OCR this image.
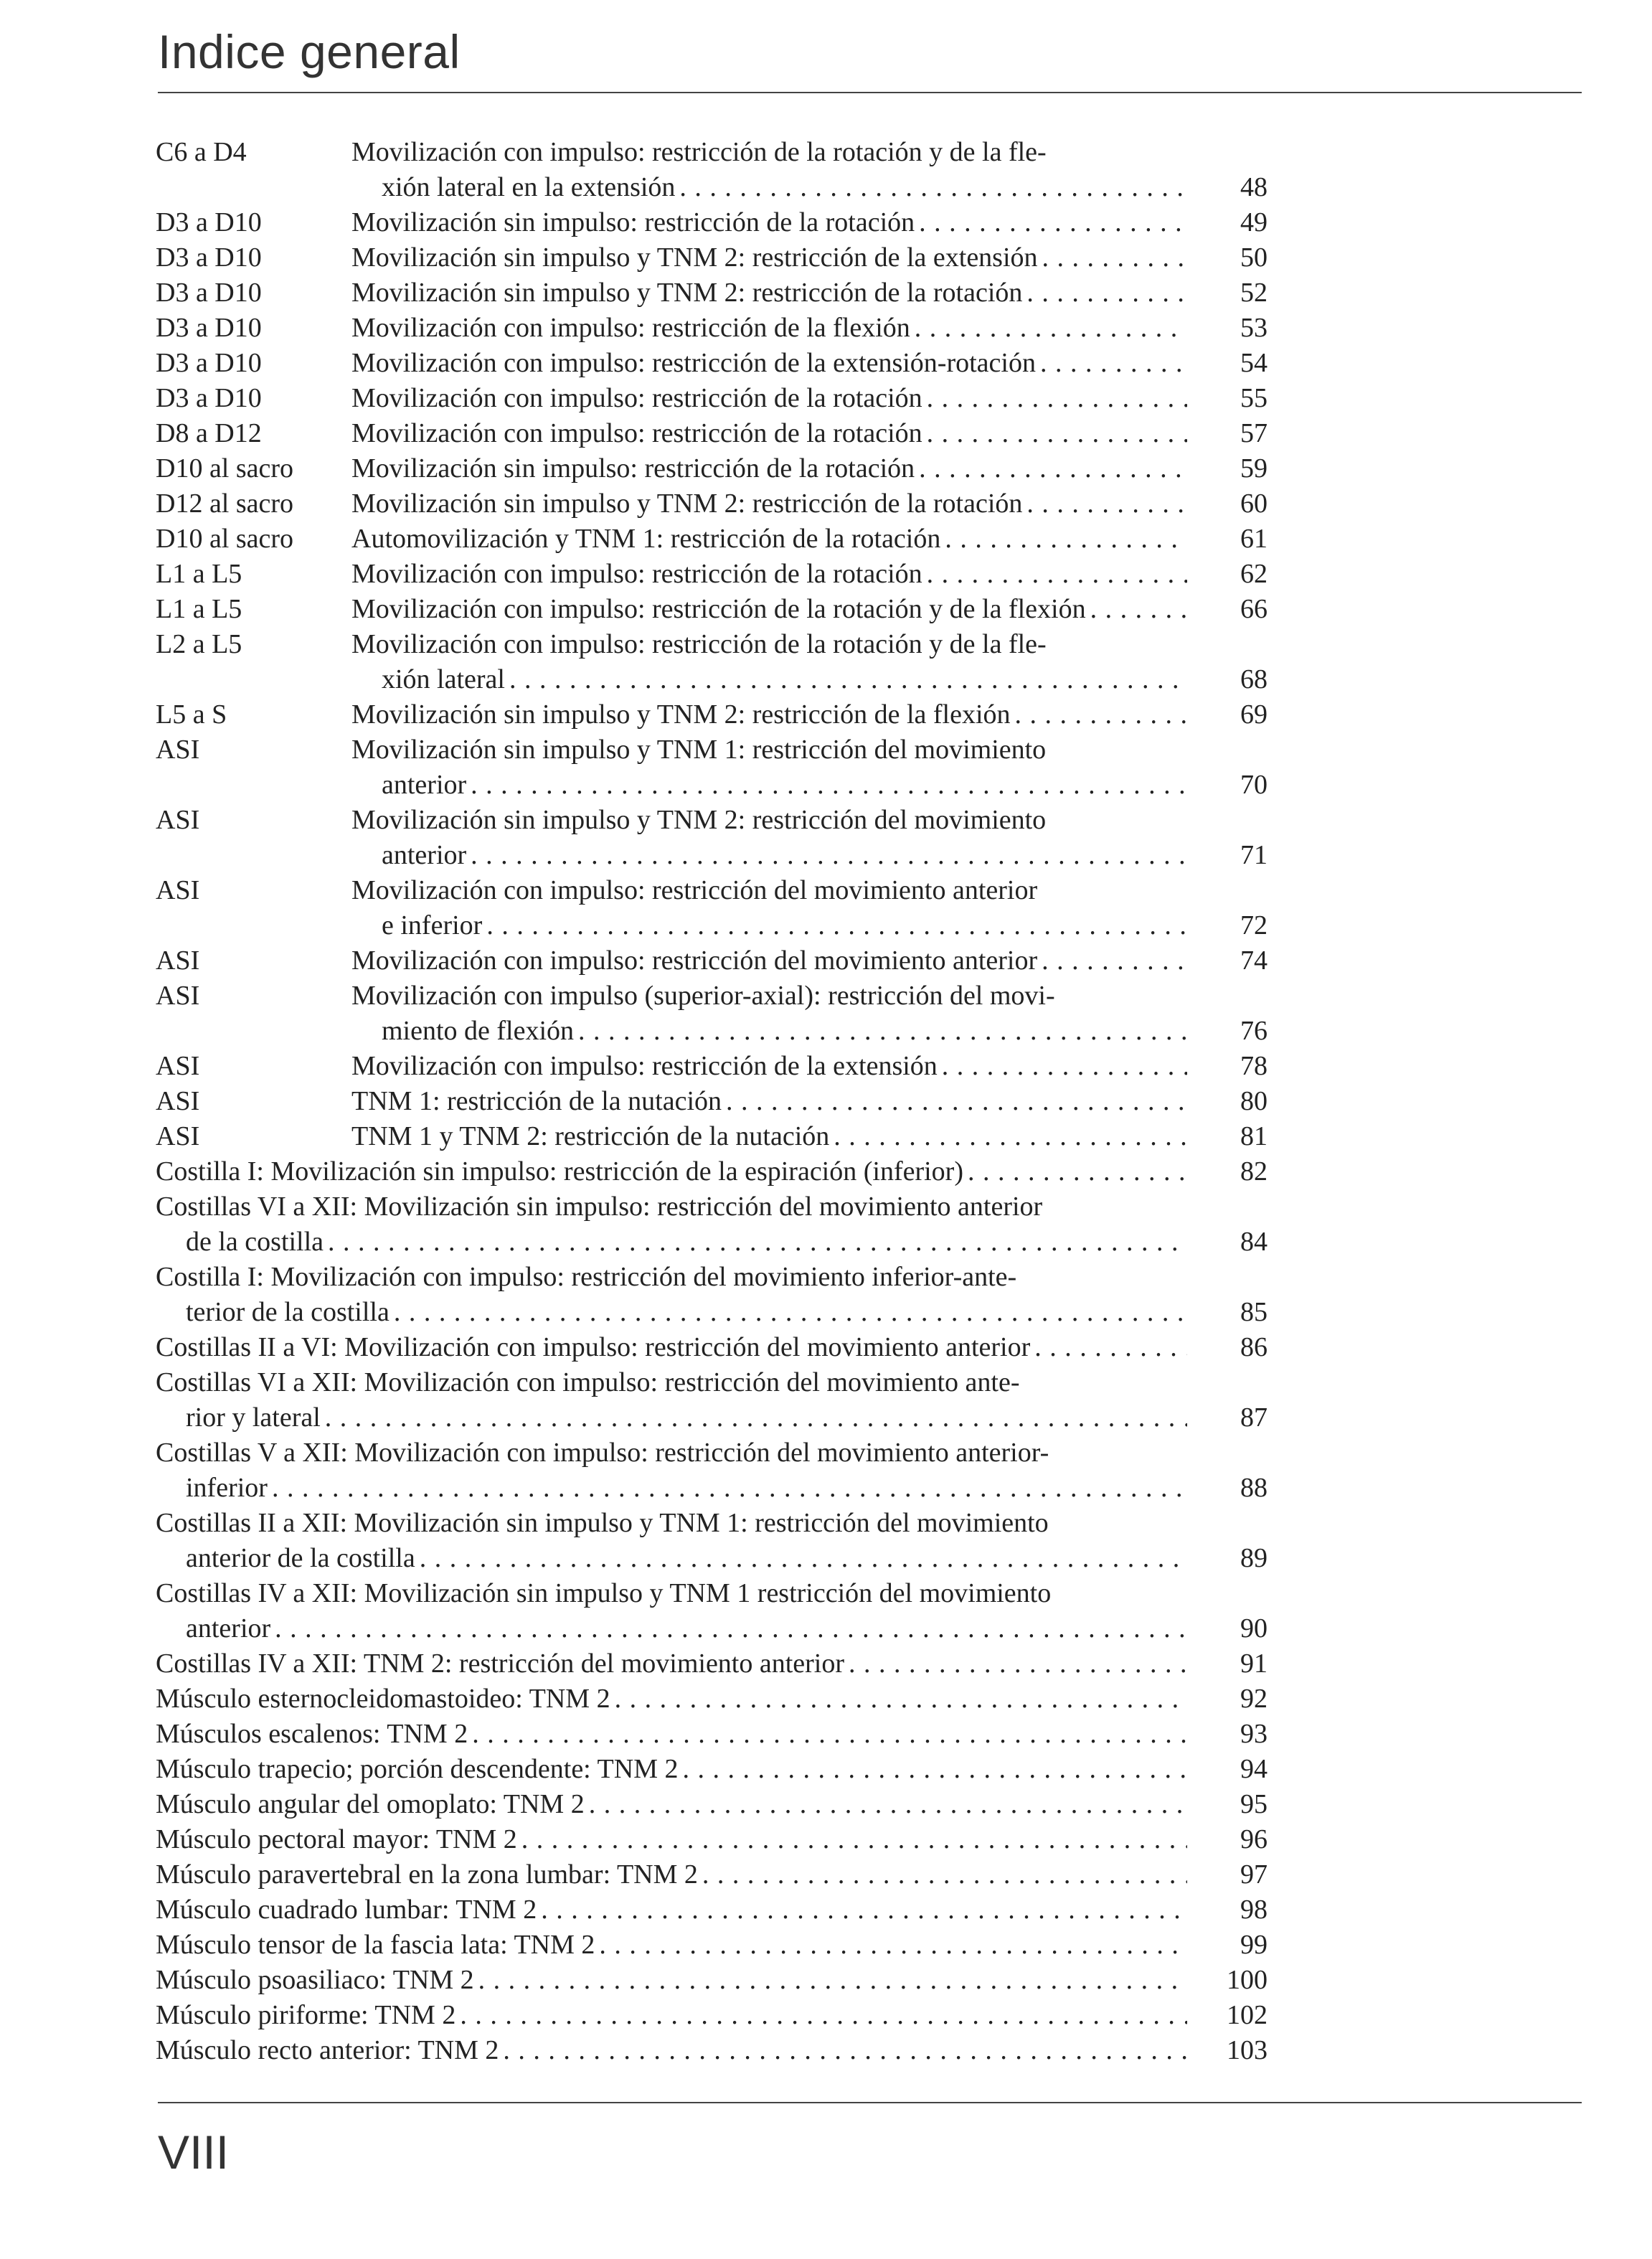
Indice general
C6 a D4	Movilización con impulso: restricción de la rotación y de la fle-
xión lateral en la extensión . . .	48
D3 a D10	Movilización sin impulso: restricción de la rotación . . .	49
D3 a D10	Movilización sin impulso y TNM 2: restricción de la extensión . . .	50
D3 a D10	Movilización sin impulso y TNM 2: restricción de la rotación . . .	52
D3 a D10	Movilización con impulso: restricción de la flexión . . .	53
D3 a D10	Movilización con impulso: restricción de la extensión-rotación . . .	54
D3 a D10	Movilización con impulso: restricción de la rotación . . .	55
D8 a D12	Movilización con impulso: restricción de la rotación . . .	57
D10 al sacro	Movilización sin impulso: restricción de la rotación . . .	59
D12 al sacro	Movilización sin impulso y TNM 2: restricción de la rotación . . .	60
D10 al sacro	Automovilización y TNM 1: restricción de la rotación . . .	61
L1 a L5	Movilización con impulso: restricción de la rotación . . .	62
L1 a L5	Movilización con impulso: restricción de la rotación y de la flexión . . .	66
L2 a L5	Movilización con impulso: restricción de la rotación y de la fle-
xión lateral . . .	68
L5 a S	Movilización sin impulso y TNM 2: restricción de la flexión . . .	69
ASI	Movilización sin impulso y TNM 1: restricción del movimiento
anterior . . .	70
ASI	Movilización sin impulso y TNM 2: restricción del movimiento
anterior . . .	71
ASI	Movilización con impulso: restricción del movimiento anterior
e inferior . . .	72
ASI	Movilización con impulso: restricción del movimiento anterior . . .	74
ASI	Movilización con impulso (superior-axial): restricción del movi-
miento de flexión . . .	76
ASI	Movilización con impulso: restricción de la extensión . . .	78
ASI	TNM 1: restricción de la nutación . . .	80
ASI	TNM 1 y TNM 2: restricción de la nutación . . .	81
Costilla I: Movilización sin impulso: restricción de la espiración (inferior) . . .	82
Costillas VI a XII: Movilización sin impulso: restricción del movimiento anterior
de la costilla . . .	84
Costilla I: Movilización con impulso: restricción del movimiento inferior-ante-
terior de la costilla . . .	85
Costillas II a VI: Movilización con impulso: restricción del movimiento anterior . . .	86
Costillas VI a XII: Movilización con impulso: restricción del movimiento ante-
rior y lateral . . .	87
Costillas V a XII: Movilización con impulso: restricción del movimiento anterior-
inferior . . .	88
Costillas II a XII: Movilización sin impulso y TNM 1: restricción del movimiento
anterior de la costilla . . .	89
Costillas IV a XII: Movilización sin impulso y TNM 1 restricción del movimiento
anterior . . .	90
Costillas IV a XII: TNM 2: restricción del movimiento anterior . . .	91
Músculo esternocleidomastoideo: TNM 2 . . .	92
Músculos escalenos: TNM 2 . . .	93
Músculo trapecio; porción descendente: TNM 2 . . .	94
Músculo angular del omoplato: TNM 2 . . .	95
Músculo pectoral mayor: TNM 2 . . .	96
Músculo paravertebral en la zona lumbar: TNM 2 . . .	97
Músculo cuadrado lumbar: TNM 2 . . .	98
Músculo tensor de la fascia lata: TNM 2 . . .	99
Músculo psoasiliaco: TNM 2 . . .	100
Músculo piriforme: TNM 2 . . .	102
Músculo recto anterior: TNM 2 . . .	103
VIII
